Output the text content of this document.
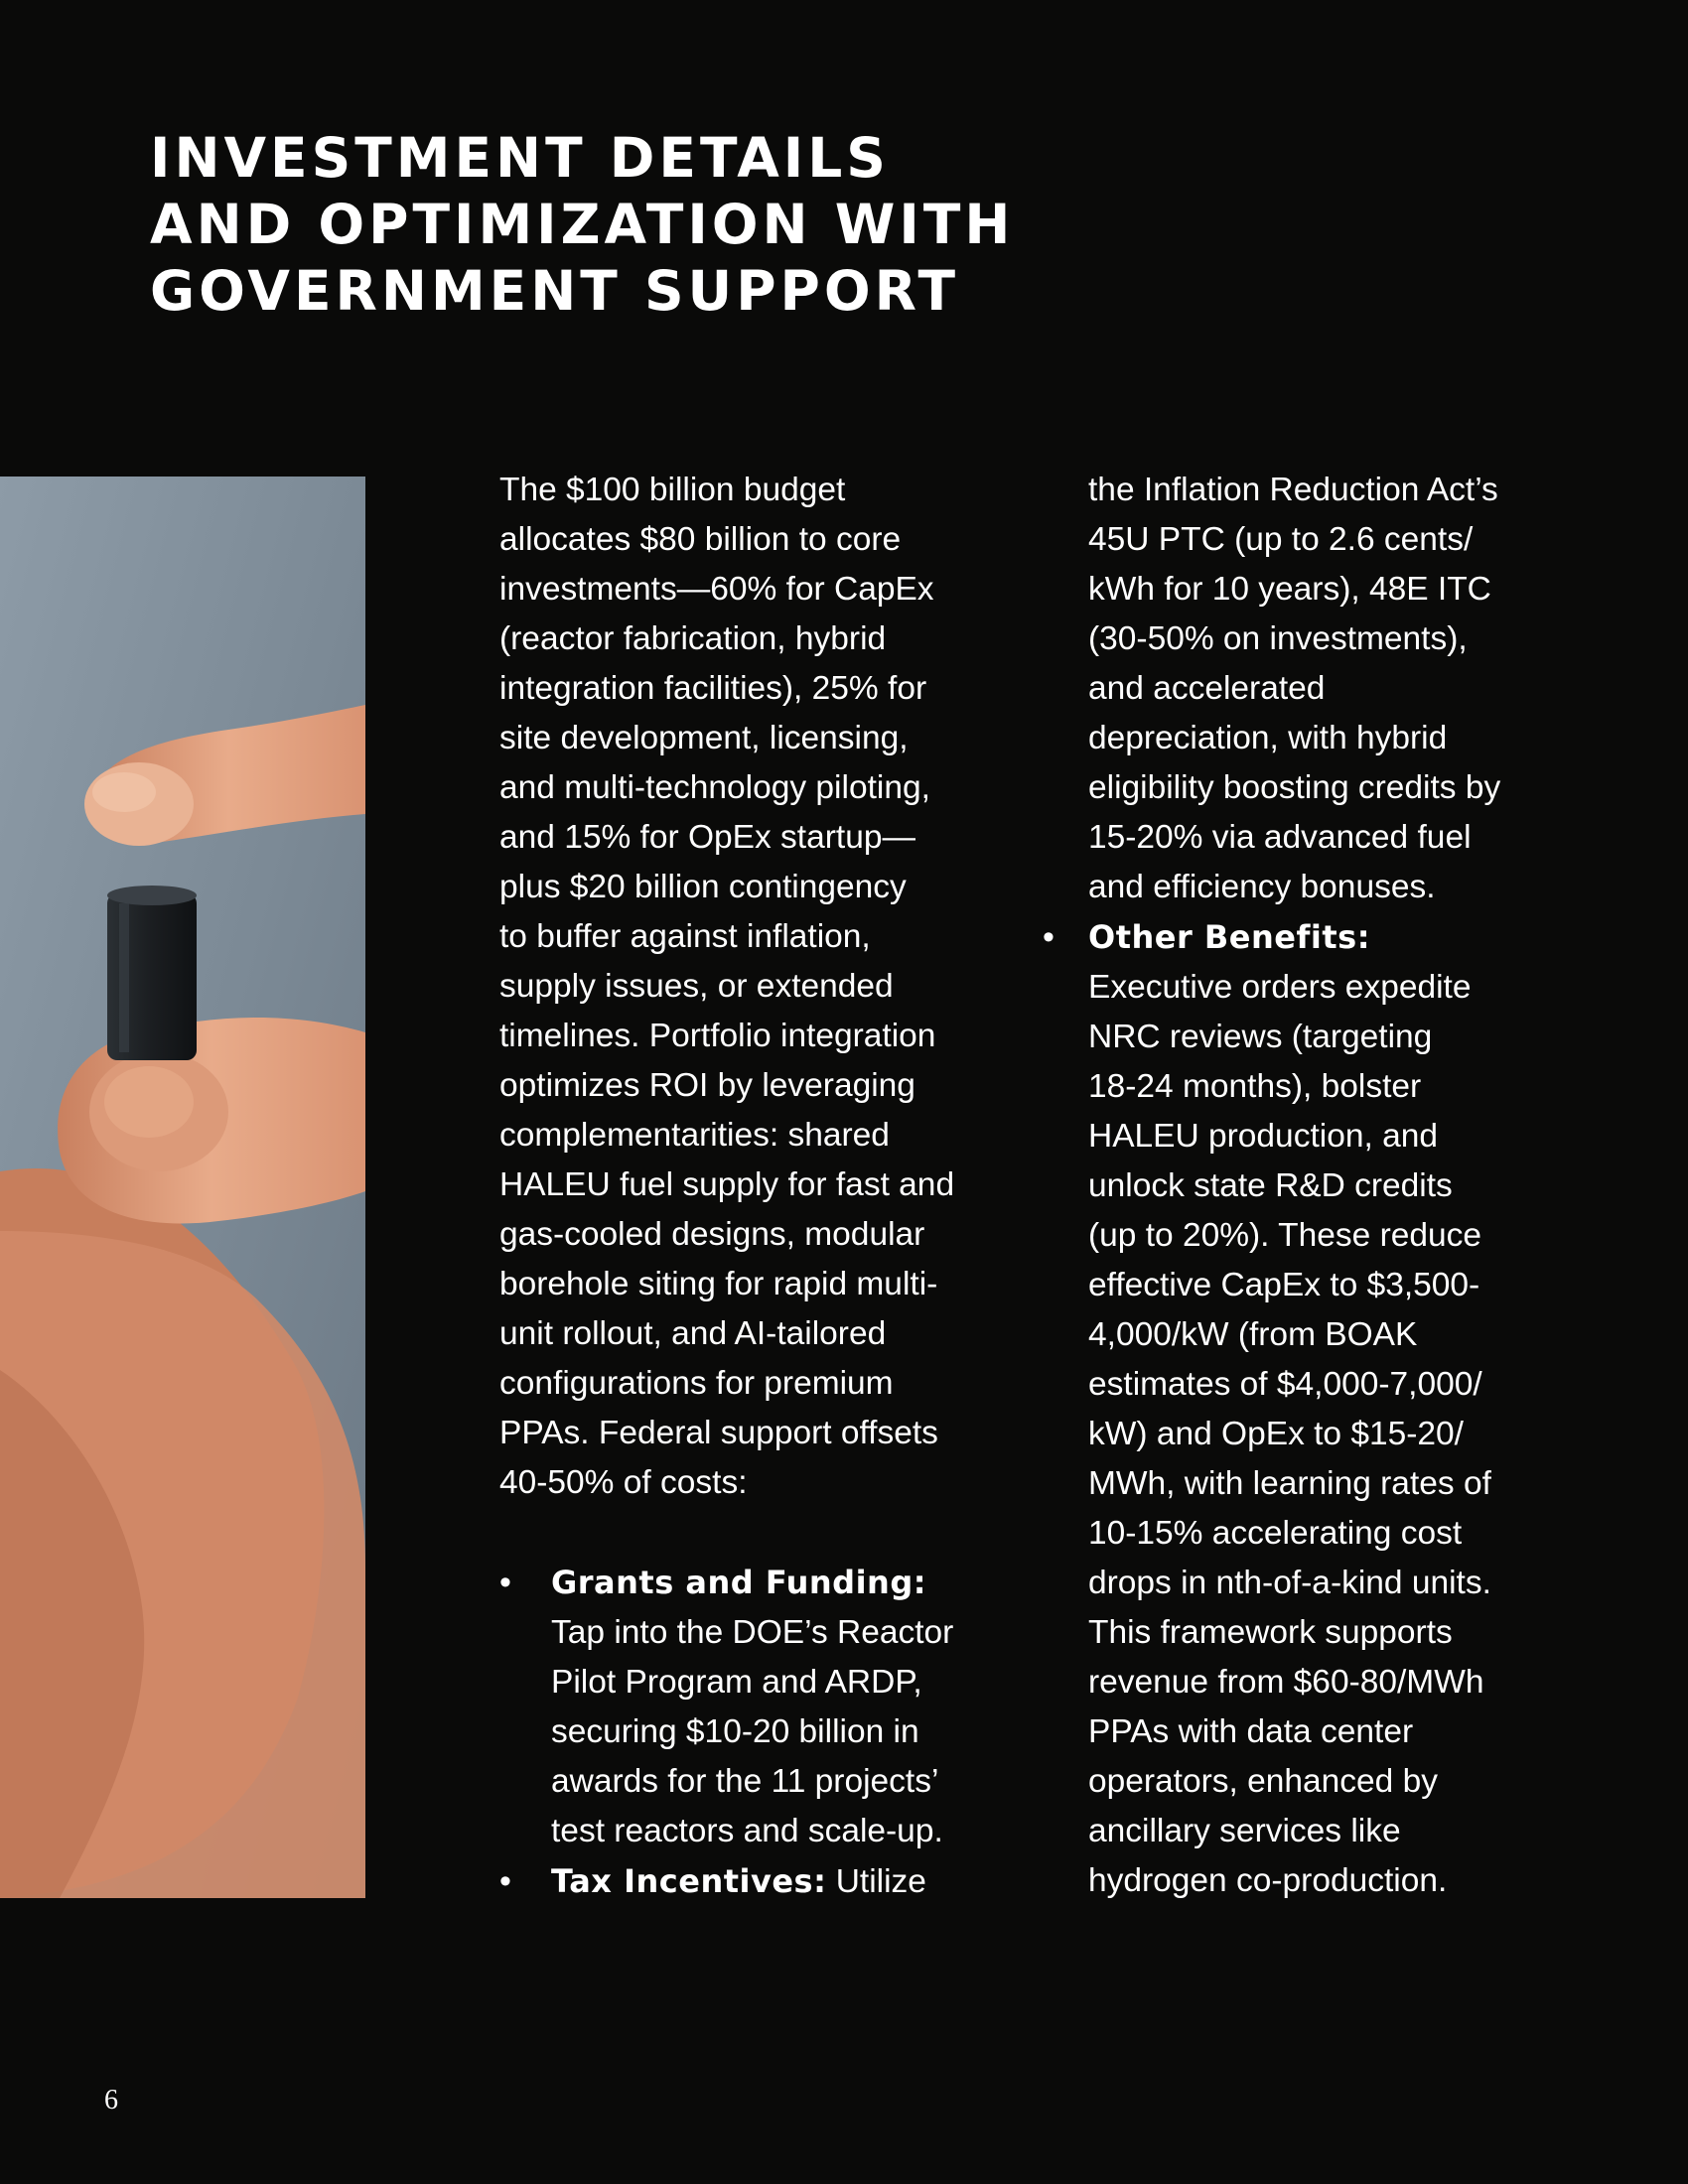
INVESTMENT DETAILS
AND OPTIMIZATION WITH
GOVERNMENT SUPPORT

The $100 billion budget
allocates $80 billion to core
investments—60% for CapEx
(reactor fabrication, hybrid
integration facilities), 25% for
site development, licensing,
and multi-technology piloting,
and 15% for OpEx startup—
plus $20 billion contingency
to buffer against inflation,
supply issues, or extended
timelines. Portfolio integration
optimizes ROI by leveraging
complementarities: shared
HALEU fuel supply for fast and
gas-cooled designs, modular
borehole siting for rapid multi-
unit rollout, and AI-tailored
configurations for premium
PPAs. Federal support offsets
40-50% of costs:

• Grants and Funding:
Tap into the DOE’s Reactor
Pilot Program and ARDP,
securing $10-20 billion in
awards for the 11 projects’
test reactors and scale-up.
• Tax Incentives: Utilize
the Inflation Reduction Act’s
45U PTC (up to 2.6 cents/
kWh for 10 years), 48E ITC
(30-50% on investments),
and accelerated
depreciation, with hybrid
eligibility boosting credits by
15-20% via advanced fuel
and efficiency bonuses.
• Other Benefits:
Executive orders expedite
NRC reviews (targeting
18-24 months), bolster
HALEU production, and
unlock state R&D credits
(up to 20%). These reduce
effective CapEx to $3,500-
4,000/kW (from BOAK
estimates of $4,000-7,000/
kW) and OpEx to $15-20/
MWh, with learning rates of
10-15% accelerating cost
drops in nth-of-a-kind units.
This framework supports
revenue from $60-80/MWh
PPAs with data center
operators, enhanced by
ancillary services like
hydrogen co-production.
6
